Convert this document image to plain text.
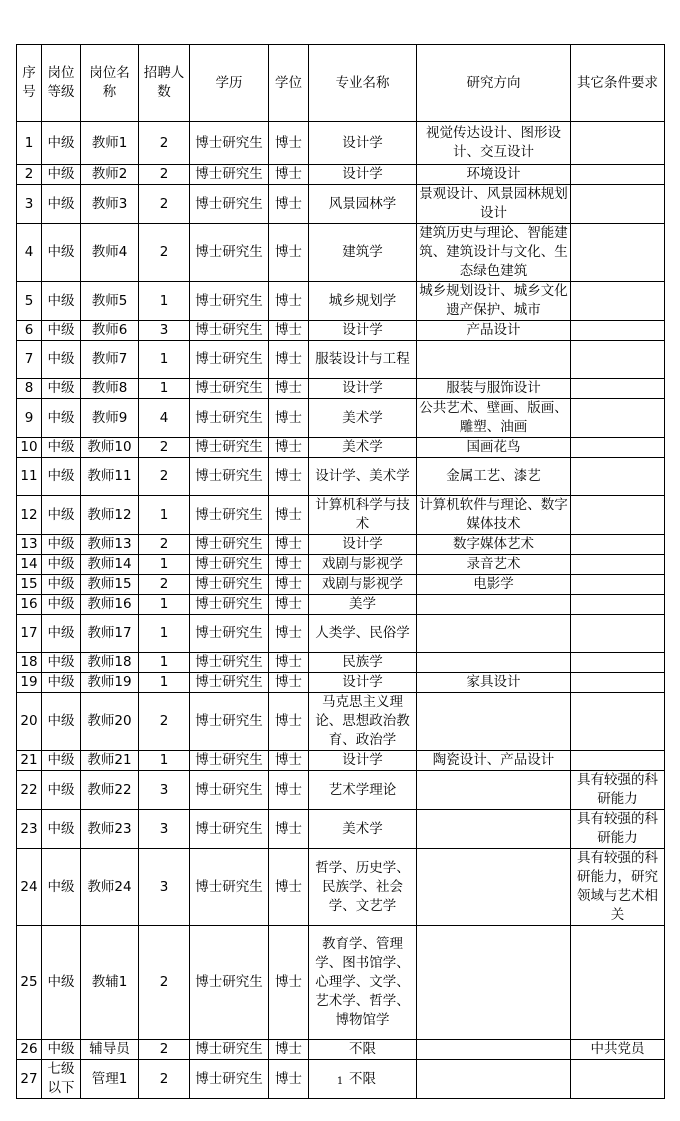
序号	岗位等级	岗位名称	招聘人数	学历	学位	专业名称	研究方向	其它条件要求
1	中级	教师1	2	博士研究生	博士	设计学	视觉传达设计、图形设计、交互设计	
2	中级	教师2	2	博士研究生	博士	设计学	环境设计	
3	中级	教师3	2	博士研究生	博士	风景园林学	景观设计、风景园林规划设计	
4	中级	教师4	2	博士研究生	博士	建筑学	建筑历史与理论、智能建筑、建筑设计与文化、生态绿色建筑	
5	中级	教师5	1	博士研究生	博士	城乡规划学	城乡规划设计、城乡文化遗产保护、城市	
6	中级	教师6	3	博士研究生	博士	设计学	产品设计	
7	中级	教师7	1	博士研究生	博士	服装设计与工程		
8	中级	教师8	1	博士研究生	博士	设计学	服装与服饰设计	
9	中级	教师9	4	博士研究生	博士	美术学	公共艺术、壁画、版画、雕塑、油画	
10	中级	教师10	2	博士研究生	博士	美术学	国画花鸟	
11	中级	教师11	2	博士研究生	博士	设计学、美术学	金属工艺、漆艺	
12	中级	教师12	1	博士研究生	博士	计算机科学与技术	计算机软件与理论、数字媒体技术	
13	中级	教师13	2	博士研究生	博士	设计学	数字媒体艺术	
14	中级	教师14	1	博士研究生	博士	戏剧与影视学	录音艺术	
15	中级	教师15	2	博士研究生	博士	戏剧与影视学	电影学	
16	中级	教师16	1	博士研究生	博士	美学		
17	中级	教师17	1	博士研究生	博士	人类学、民俗学		
18	中级	教师18	1	博士研究生	博士	民族学		
19	中级	教师19	1	博士研究生	博士	设计学	家具设计	
20	中级	教师20	2	博士研究生	博士	马克思主义理论、思想政治教育、政治学		
21	中级	教师21	1	博士研究生	博士	设计学	陶瓷设计、产品设计	
22	中级	教师22	3	博士研究生	博士	艺术学理论		具有较强的科研能力
23	中级	教师23	3	博士研究生	博士	美术学		具有较强的科研能力
24	中级	教师24	3	博士研究生	博士	哲学、历史学、民族学、社会学、文艺学		具有较强的科研能力，研究领域与艺术相关
25	中级	教辅1	2	博士研究生	博士	教育学、管理学、图书馆学、心理学、文学、艺术学、哲学、博物馆学		
26	中级	辅导员	2	博士研究生	博士	不限		中共党员
27	七级以下	管理1	2	博士研究生	博士	不限		
1
